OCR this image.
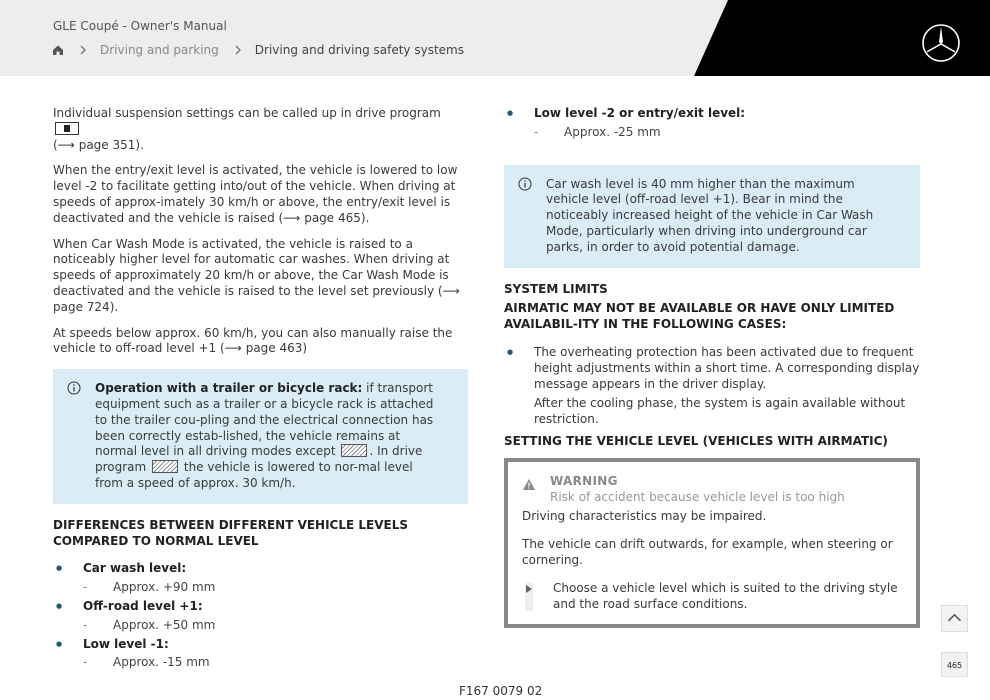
GLE Coupé - Owner's Manual
Driving and parking	Driving and driving safety systems

Individual suspension settings can be called up in drive program
(⟶ page 351).

When the entry/exit level is activated, the vehicle is lowered to low level -2 to facilitate getting into/out of the vehicle. When driving at speeds of approx-imately 30 km/h or above, the entry/exit level is deactivated and the vehicle is raised (⟶ page 465).

When Car Wash Mode is activated, the vehicle is raised to a noticeably higher level for automatic car washes. When driving at speeds of approximately 20 km/h or above, the Car Wash Mode is deactivated and the vehicle is raised to the level set previously (⟶ page 724).

At speeds below approx. 60 km/h, you can also manually raise the vehicle to off-road level +1 (⟶ page 463)

Operation with a trailer or bicycle rack: if transport equipment such as a trailer or a bicycle rack is attached to the trailer cou-pling and the electrical connection has been correctly estab-lished, the vehicle remains at normal level in all driving modes except	. In drive program	the vehicle is lowered to nor-mal level from a speed of approx. 30 km/h.
DIFFERENCES BETWEEN DIFFERENT VEHICLE LEVELS COMPARED TO NORMAL LEVEL
● Car wash level:
- Approx. +90 mm
● Off-road level +1:
- Approx. +50 mm
● Low level -1:
- Approx. -15 mm
● Low level -2 or entry/exit level:
- Approx. -25 mm
Car wash level is 40 mm higher than the maximum vehicle level (off-road level +1). Bear in mind the noticeably increased height of the vehicle in Car Wash Mode, particularly when driving into underground car parks, in order to avoid potential damage.
SYSTEM LIMITS
AIRMATIC MAY NOT BE AVAILABLE OR HAVE ONLY LIMITED AVAILABIL-ITY IN THE FOLLOWING CASES:
● The overheating protection has been activated due to frequent height adjustments within a short time. A corresponding display message appears in the driver display.
After the cooling phase, the system is again available without restriction.
SETTING THE VEHICLE LEVEL (VEHICLES WITH AIRMATIC)
WARNING
Risk of accident because vehicle level is too high

Driving characteristics may be impaired.

The vehicle can drift outwards, for example, when steering or cornering.

Choose a vehicle level which is suited to the driving style and the road surface conditions.
465
F167 0079 02
